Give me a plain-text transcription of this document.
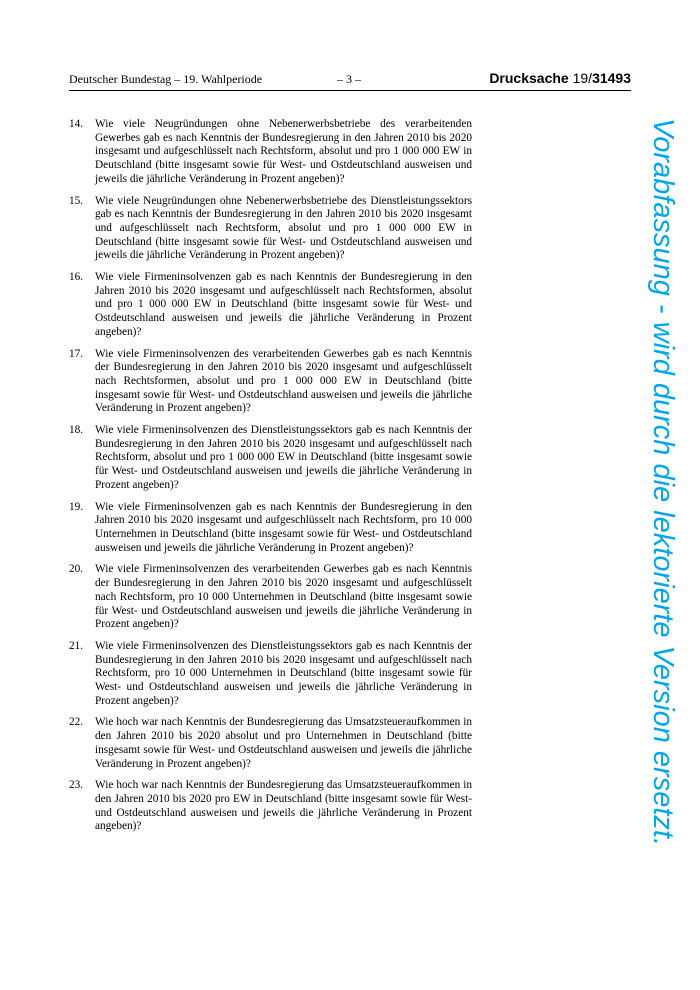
Deutscher Bundestag – 19. Wahlperiode	– 3 –	Drucksache 19/31493
14. Wie viele Neugründungen ohne Nebenerwerbsbetriebe des verarbeitenden Gewerbes gab es nach Kenntnis der Bundesregierung in den Jahren 2010 bis 2020 insgesamt und aufgeschlüsselt nach Rechtsform, absolut und pro 1 000 000 EW in Deutschland (bitte insgesamt sowie für West- und Ostdeutschland ausweisen und jeweils die jährliche Veränderung in Prozent angeben)?
15. Wie viele Neugründungen ohne Nebenerwerbsbetriebe des Dienstleistungssektors gab es nach Kenntnis der Bundesregierung in den Jahren 2010 bis 2020 insgesamt und aufgeschlüsselt nach Rechtsform, absolut und pro 1 000 000 EW in Deutschland (bitte insgesamt sowie für West- und Ostdeutschland ausweisen und jeweils die jährliche Veränderung in Prozent angeben)?
16. Wie viele Firmeninsolvenzen gab es nach Kenntnis der Bundesregierung in den Jahren 2010 bis 2020 insgesamt und aufgeschlüsselt nach Rechtsformen, absolut und pro 1 000 000 EW in Deutschland (bitte insgesamt sowie für West- und Ostdeutschland ausweisen und jeweils die jährliche Veränderung in Prozent angeben)?
17. Wie viele Firmeninsolvenzen des verarbeitenden Gewerbes gab es nach Kenntnis der Bundesregierung in den Jahren 2010 bis 2020 insgesamt und aufgeschlüsselt nach Rechtsformen, absolut und pro 1 000 000 EW in Deutschland (bitte insgesamt sowie für West- und Ostdeutschland ausweisen und jeweils die jährliche Veränderung in Prozent angeben)?
18. Wie viele Firmeninsolvenzen des Dienstleistungssektors gab es nach Kenntnis der Bundesregierung in den Jahren 2010 bis 2020 insgesamt und aufgeschlüsselt nach Rechtsform, absolut und pro 1 000 000 EW in Deutschland (bitte insgesamt sowie für West- und Ostdeutschland ausweisen und jeweils die jährliche Veränderung in Prozent angeben)?
19. Wie viele Firmeninsolvenzen gab es nach Kenntnis der Bundesregierung in den Jahren 2010 bis 2020 insgesamt und aufgeschlüsselt nach Rechtsform, pro 10 000 Unternehmen in Deutschland (bitte insgesamt sowie für West- und Ostdeutschland ausweisen und jeweils die jährliche Veränderung in Prozent angeben)?
20. Wie viele Firmeninsolvenzen des verarbeitenden Gewerbes gab es nach Kenntnis der Bundesregierung in den Jahren 2010 bis 2020 insgesamt und aufgeschlüsselt nach Rechtsform, pro 10 000 Unternehmen in Deutschland (bitte insgesamt sowie für West- und Ostdeutschland ausweisen und jeweils die jährliche Veränderung in Prozent angeben)?
21. Wie viele Firmeninsolvenzen des Dienstleistungssektors gab es nach Kenntnis der Bundesregierung in den Jahren 2010 bis 2020 insgesamt und aufgeschlüsselt nach Rechtsform, pro 10 000 Unternehmen in Deutschland (bitte insgesamt sowie für West- und Ostdeutschland ausweisen und jeweils die jährliche Veränderung in Prozent angeben)?
22. Wie hoch war nach Kenntnis der Bundesregierung das Umsatzsteueraufkommen in den Jahren 2010 bis 2020 absolut und pro Unternehmen in Deutschland (bitte insgesamt sowie für West- und Ostdeutschland ausweisen und jeweils die jährliche Veränderung in Prozent angeben)?
23. Wie hoch war nach Kenntnis der Bundesregierung das Umsatzsteueraufkommen in den Jahren 2010 bis 2020 pro EW in Deutschland (bitte insgesamt sowie für West- und Ostdeutschland ausweisen und jeweils die jährliche Veränderung in Prozent angeben)?	Vorabfassung - wird durch die lektorierte Version ersetzt.
